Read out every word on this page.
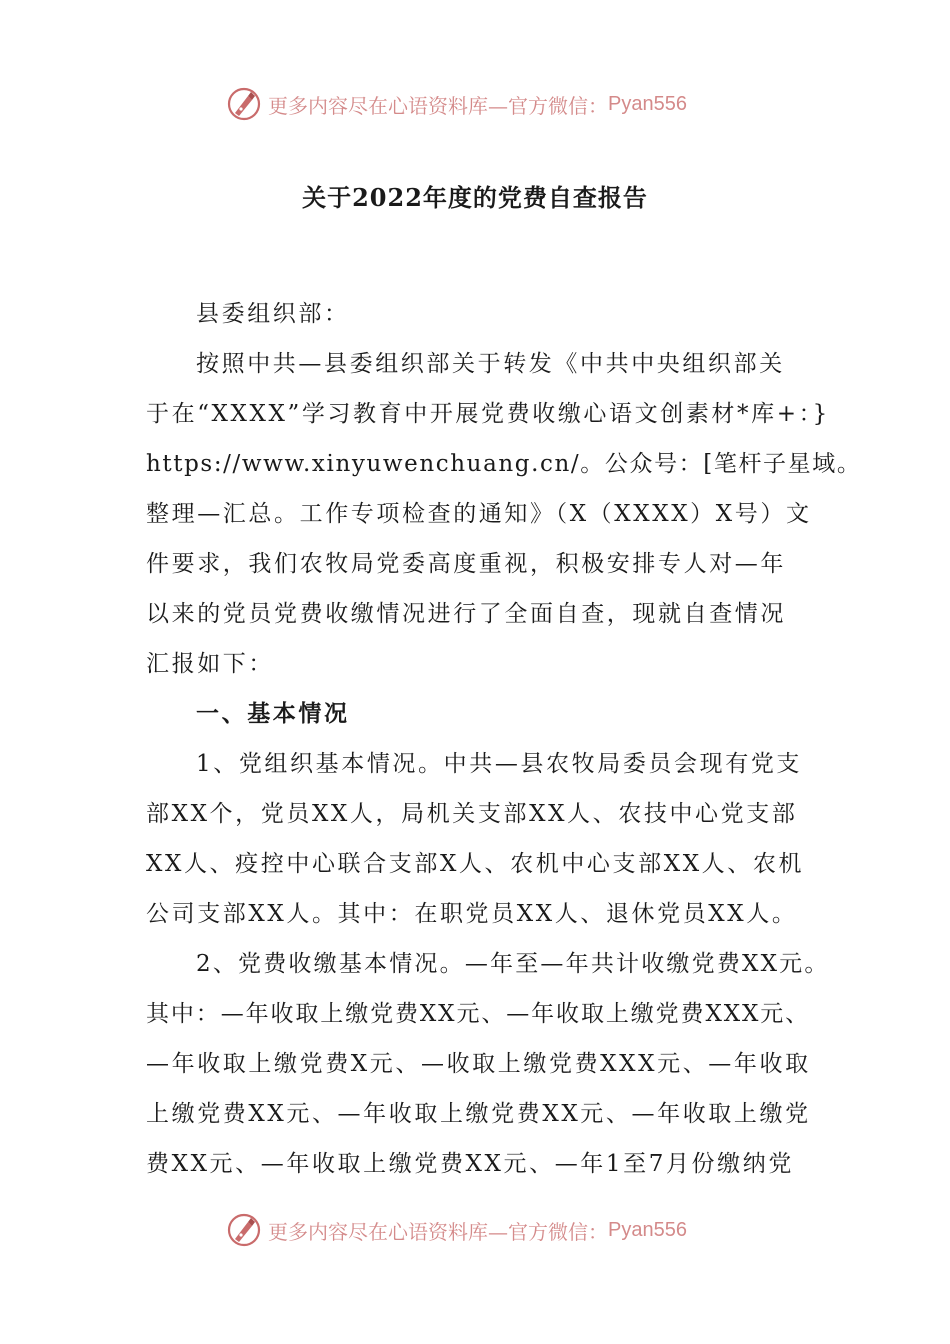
更多内容尽在心语资料库—官方微信： Pyan556
关于2022年度的党费自查报告
县委组织部：
按照中共—县委组织部关于转发《中共中央组织部关
于在“XXXX”学习教育中开展党费收缴心语文创素材*库+：}
https://www.xinyuwenchuang.cn/。公众号：[笔杆子星域。
整理—汇总。工作专项检查的通知》（X（XXXX）X号）文
件要求，我们农牧局党委高度重视，积极安排专人对—年
以来的党员党费收缴情况进行了全面自查，现就自查情况
汇报如下：
一、基本情况
1、党组织基本情况。中共—县农牧局委员会现有党支
部XX个，党员XX人，局机关支部XX人、农技中心党支部
XX人、疫控中心联合支部X人、农机中心支部XX人、农机
公司支部XX人。其中：在职党员XX人、退休党员XX人。
2、党费收缴基本情况。—年至—年共计收缴党费XX元。
其中：—年收取上缴党费XX元、—年收取上缴党费XXX元、
—年收取上缴党费X元、—收取上缴党费XXX元、—年收取
上缴党费XX元、—年收取上缴党费XX元、—年收取上缴党
费XX元、—年收取上缴党费XX元、—年1至7月份缴纳党
更多内容尽在心语资料库—官方微信： Pyan556
